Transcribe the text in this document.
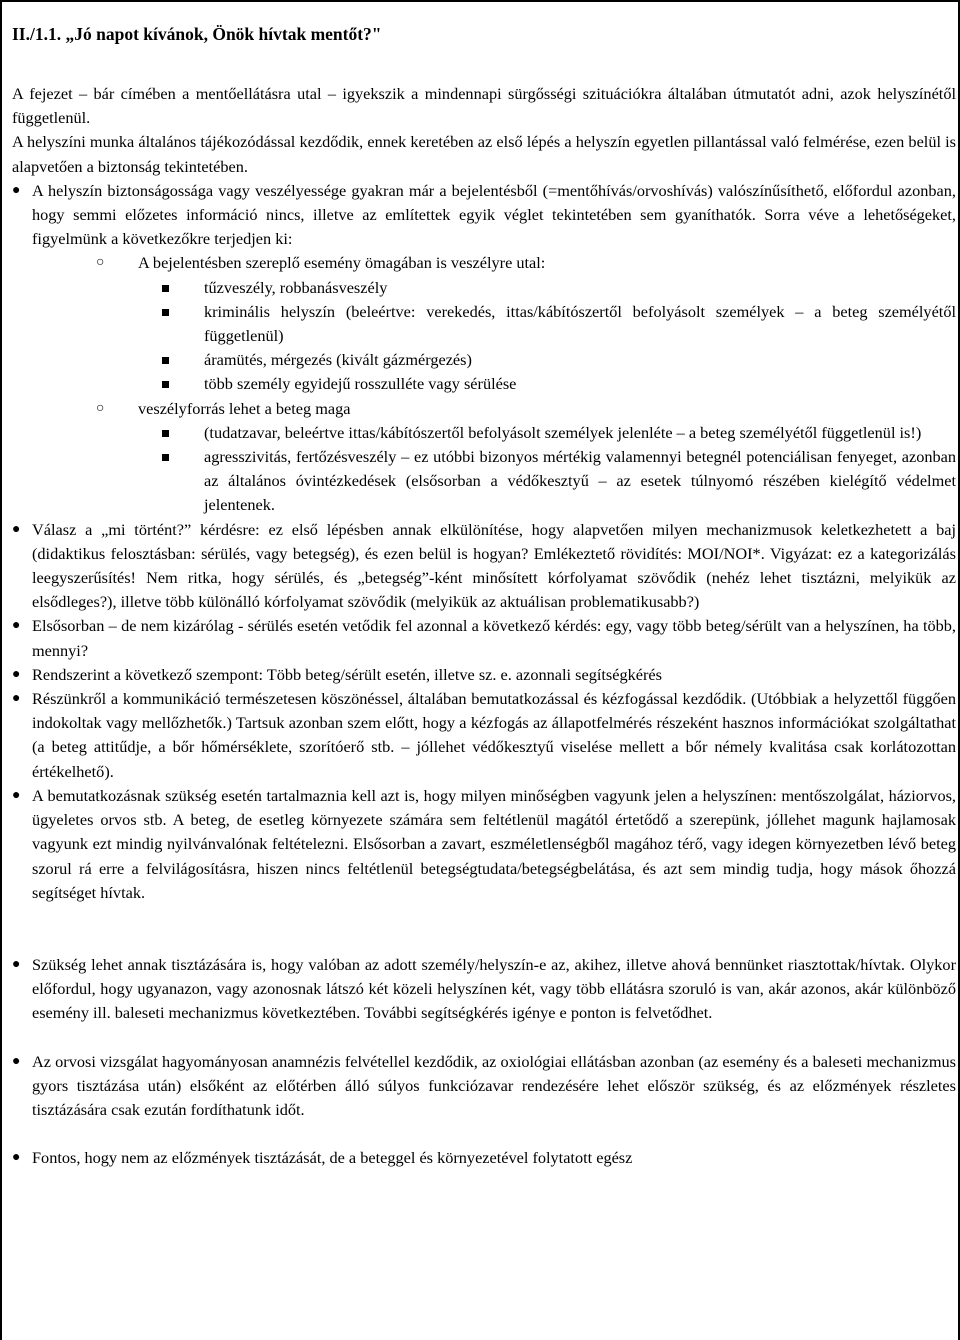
II./1.1. „Jó napot kívánok, Önök hívtak mentőt?"

A fejezet – bár címében a mentőellátásra utal – igyekszik a mindennapi sürgősségi szituációkra általában útmutatót adni, azok helyszínétől függetlenül.

A helyszíni munka általános tájékozódással kezdődik, ennek keretében az első lépés a helyszín egyetlen pillantással való felmérése, ezen belül is alapvetően a biztonság tekintetében.

● A helyszín biztonságossága vagy veszélyessége gyakran már a bejelentésből (=mentőhívás/orvoshívás) valószínűsíthető, előfordul azonban, hogy semmi előzetes információ nincs, illetve az említettek egyik véglet tekintetében sem gyaníthatók. Sorra véve a lehetőségeket, figyelmünk a következőkre terjedjen ki:
○	A bejelentésben szereplő esemény ömagában is veszélyre utal:
tűzveszély, robbanásveszély
kriminális helyszín (beleértve: verekedés, ittas/kábítószertől befolyásolt személyek – a beteg személyétől függetlenül)
áramütés, mérgezés (kivált gázmérgezés)
több személy egyidejű rosszulléte vagy sérülése
○	veszélyforrás lehet a beteg maga
(tudatzavar, beleértve ittas/kábítószertől befolyásolt személyek jelenléte – a beteg személyétől függetlenül is!)
agresszivitás, fertőzésveszély – ez utóbbi bizonyos mértékig valamennyi betegnél potenciálisan fenyeget, azonban az általános óvintézkedések (elsősorban a védőkesztyű – az esetek túlnyomó részében kielégítő védelmet jelentenek.
● Válasz a „mi történt?” kérdésre: ez első lépésben annak elkülönítése, hogy alapvetően milyen mechanizmusok keletkezhetett a baj (didaktikus felosztásban: sérülés, vagy betegség), és ezen belül is hogyan? Emlékeztető rövidítés: MOI/NOI*. Vigyázat: ez a kategorizálás leegyszerűsítés! Nem ritka, hogy sérülés, és „betegség”-ként minősített kórfolyamat szövődik (nehéz lehet tisztázni, melyikük az elsődleges?), illetve több különálló kórfolyamat szövődik (melyikük az aktuálisan problematikusabb?)
● Elsősorban – de nem kizárólag - sérülés esetén vetődik fel azonnal a következő kérdés: egy, vagy több beteg/sérült van a helyszínen, ha több, mennyi?
● Rendszerint a következő szempont: Több beteg/sérült esetén, illetve sz. e. azonnali segítségkérés
● Részünkről a kommunikáció természetesen köszönéssel, általában bemutatkozással és kézfogással kezdődik. (Utóbbiak a helyzettől függően indokoltak vagy mellőzhetők.) Tartsuk azonban szem előtt, hogy a kézfogás az állapotfelmérés részeként hasznos információkat szolgáltathat (a beteg attitűdje, a bőr hőmérséklete, szorítóerő stb. – jóllehet védőkesztyű viselése mellett a bőr némely kvalitása csak korlátozottan értékelhető).
● A bemutatkozásnak szükség esetén tartalmaznia kell azt is, hogy milyen minőségben vagyunk jelen a helyszínen: mentőszolgálat, háziorvos, ügyeletes orvos stb. A beteg, de esetleg környezete számára sem feltétlenül magától értetődő a szerepünk, jóllehet magunk hajlamosak vagyunk ezt mindig nyilvánvalónak feltételezni. Elsősorban a zavart, eszméletlenségből magához térő, vagy idegen környezetben lévő beteg szorul rá erre a felvilágosításra, hiszen nincs feltétlenül betegségtudata/betegségbelátása, és azt sem mindig tudja, hogy mások őhozzá segítséget hívtak.
● Szükség lehet annak tisztázására is, hogy valóban az adott személy/helyszín-e az, akihez, illetve ahová bennünket riasztottak/hívtak. Olykor előfordul, hogy ugyanazon, vagy azonosnak látszó két közeli helyszínen két, vagy több ellátásra szoruló is van, akár azonos, akár különböző esemény ill. baleseti mechanizmus következtében. További segítségkérés igénye e ponton is felvetődhet.
● Az orvosi vizsgálat hagyományosan anamnézis felvétellel kezdődik, az oxiológiai ellátásban azonban (az esemény és a baleseti mechanizmus gyors tisztázása után) elsőként az előtérben álló súlyos funkciózavar rendezésére lehet először szükség, és az előzmények részletes tisztázására csak ezután fordíthatunk időt.
● Fontos, hogy nem az előzmények tisztázását, de a beteggel és környezetével folytatott egész
